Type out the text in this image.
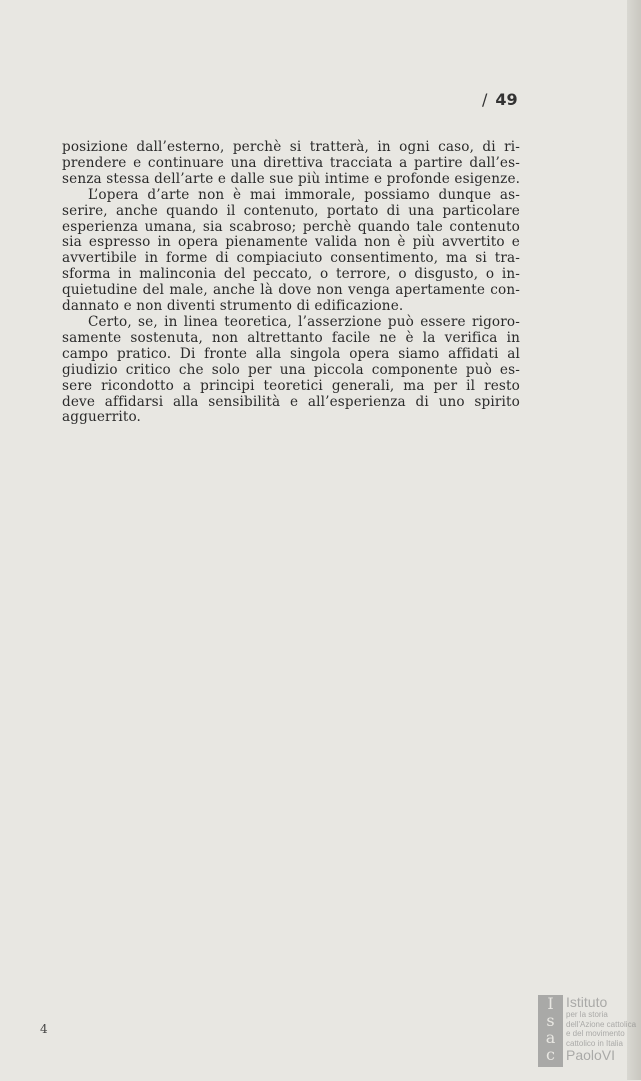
/ 49
posizione dall’esterno, perchè si tratterà, in ogni caso, di ri-
prendere e continuare una direttiva tracciata a partire dall’es-
senza stessa dell’arte e dalle sue più intime e profonde esigenze.
L’opera d’arte non è mai immorale, possiamo dunque as-
serire, anche quando il contenuto, portato di una particolare
esperienza umana, sia scabroso; perchè quando tale contenuto
sia espresso in opera pienamente valida non è più avvertito e
avvertibile in forme di compiaciuto consentimento, ma si tra-
sforma in malinconia del peccato, o terrore, o disgusto, o in-
quietudine del male, anche là dove non venga apertamente con-
dannato e non diventi strumento di edificazione.
Certo, se, in linea teoretica, l’asserzione può essere rigoro-
samente sostenuta, non altrettanto facile ne è la verifica in
campo pratico. Di fronte alla singola opera siamo affidati al
giudizio critico che solo per una piccola componente può es-
sere ricondotto a principi teoretici generali, ma per il resto
deve affidarsi alla sensibilità e all’esperienza di uno spirito
agguerrito.
4
I
s
a
c
m
Istituto
per la storia
dell'Azione cattolica
e del movimento
cattolico in Italia
PaoloVI
